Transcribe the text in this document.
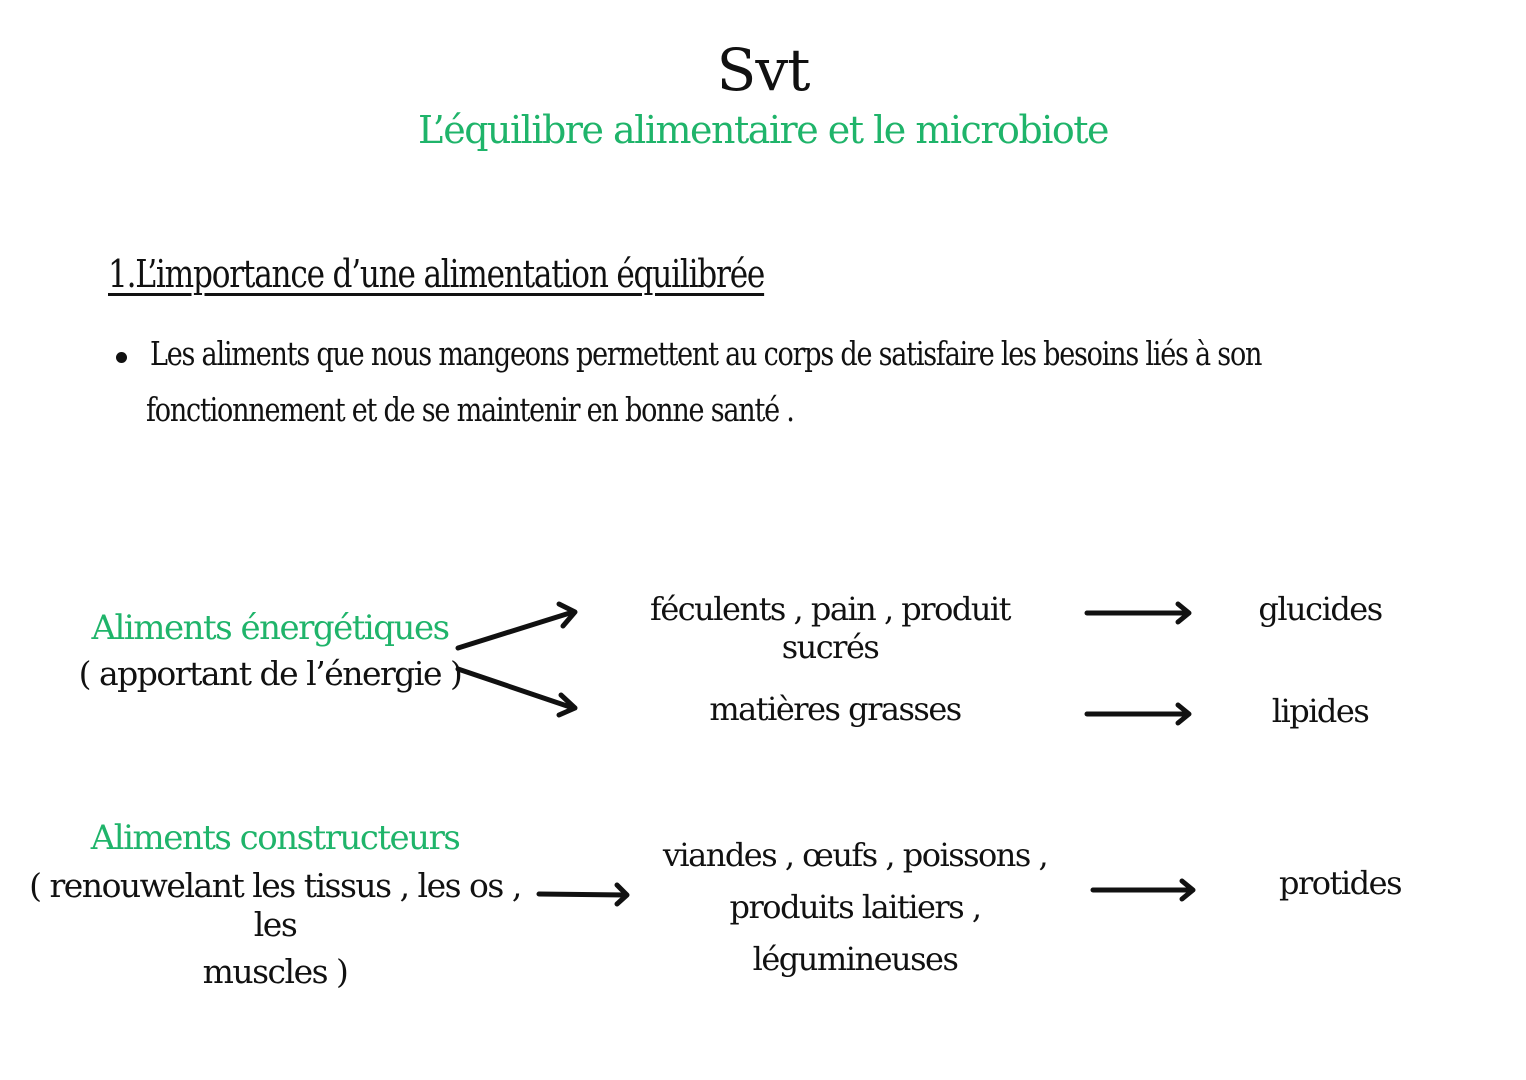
Svt
L’équilibre alimentaire et le microbiote
1.L’importance d’une alimentation équilibrée
Les aliments que nous mangeons permettent au corps de satisfaire les besoins liés à son
fonctionnement et de se maintenir en bonne santé .
Aliments énergétiques
( apportant de l’énergie )
féculents , pain , produit sucrés
glucides
matières grasses	lipides
Aliments constructeurs
( renouwelant les tissus , les os , les
muscles )
viandes , œufs , poissons ,
produits laitiers ,
légumineuses
protides
